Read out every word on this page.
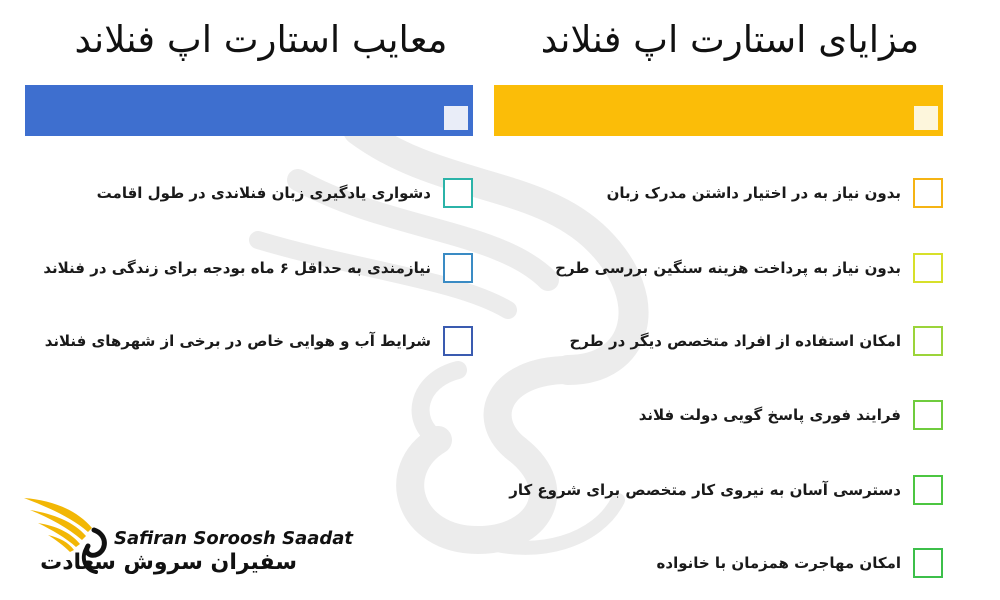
معایب استارت اپ فنلاند	مزایای استارت اپ فنلاند
دشواری یادگیری زبان فنلاندی در طول اقامت
نیازمندی به حداقل ۶ ماه بودجه برای زندگی در فنلاند
شرایط آب و هوایی خاص در برخی از شهرهای فنلاند
بدون نیاز به در اختیار داشتن مدرک زبان
بدون نیاز به پرداخت هزینه سنگین بررسی طرح
امکان استفاده از افراد متخصص دیگر در طرح
فرایند فوری پاسخ گویی دولت فلاند
دسترسی آسان به نیروی کار متخصص برای شروع کار
امکان مهاجرت همزمان با خانواده
Safiran Soroosh Saadat
سفیران سروش سعادت
